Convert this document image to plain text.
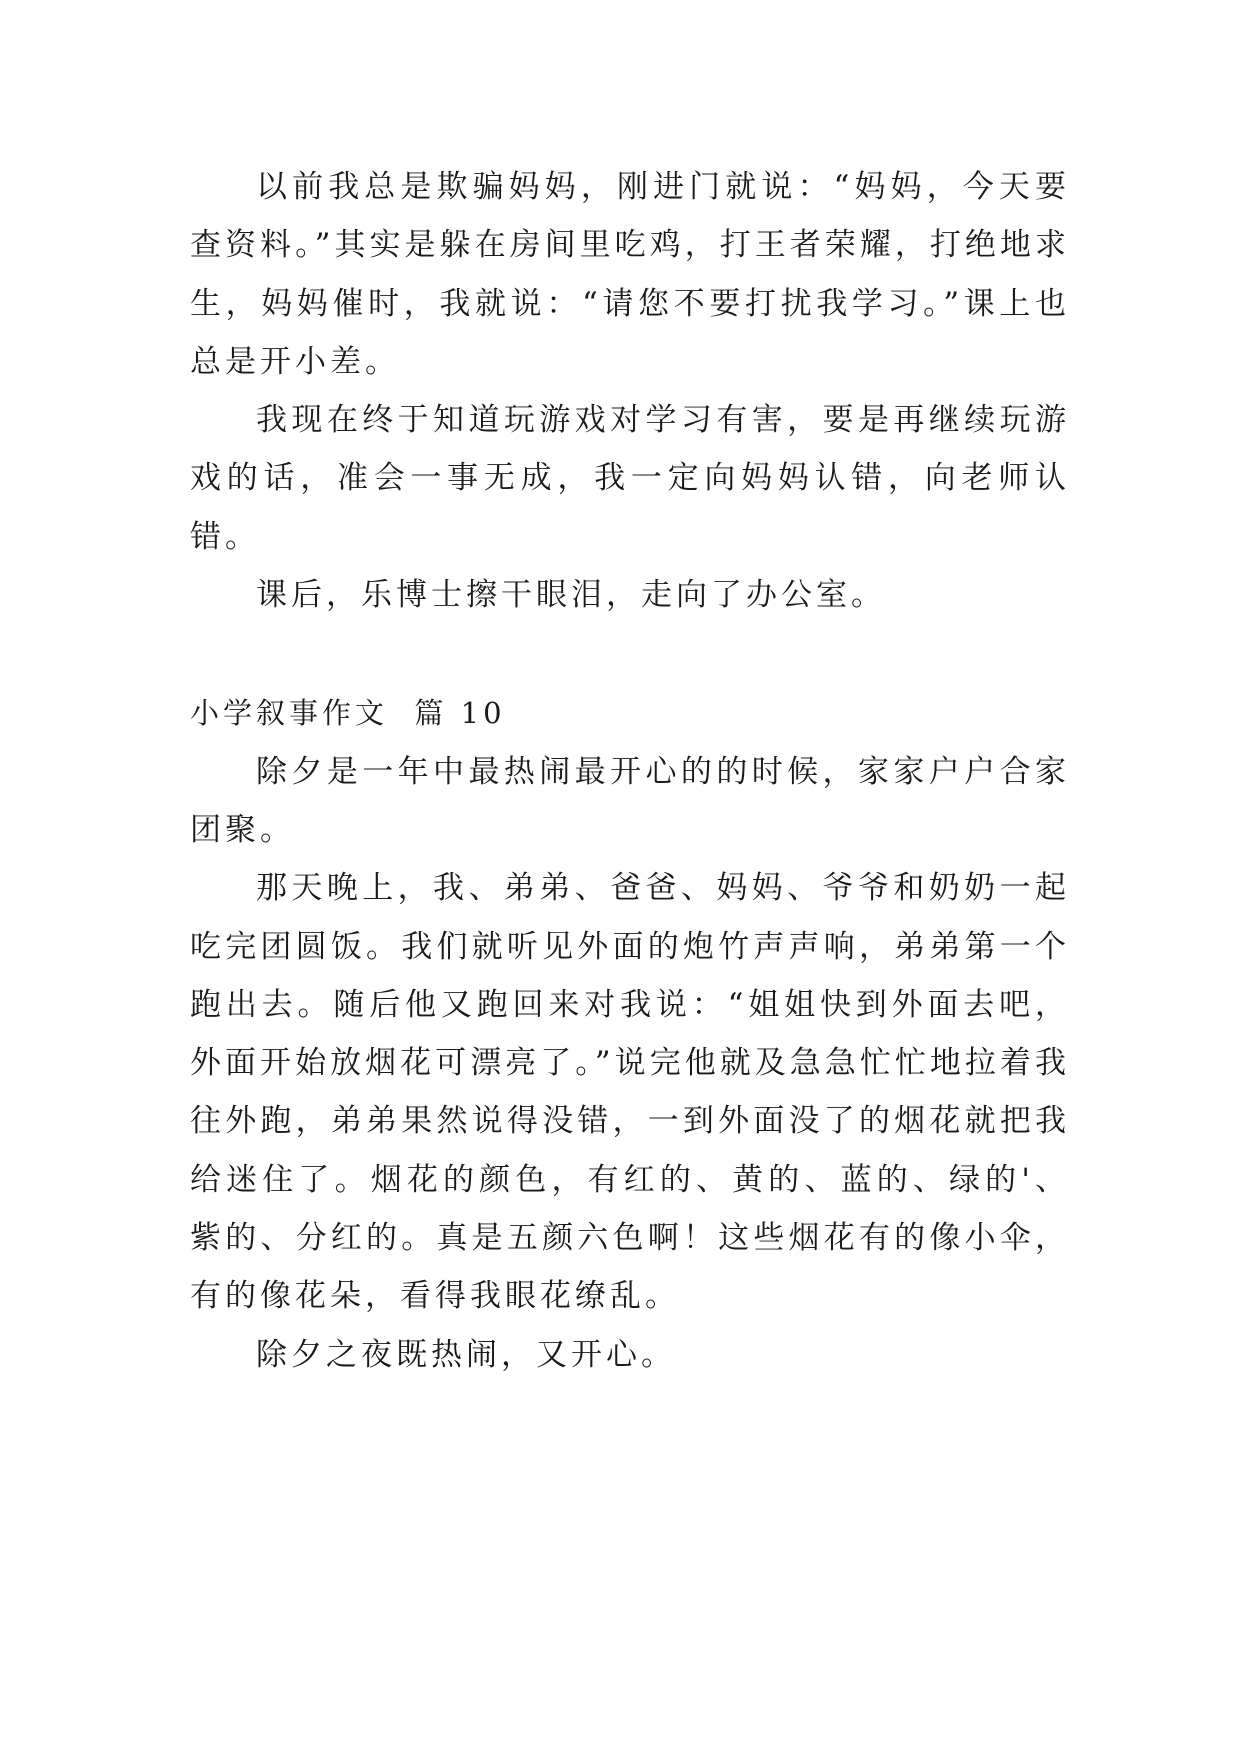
以前我总是欺骗妈妈，刚进门就说：“妈妈，今天要查资料。”其实是躲在房间里吃鸡，打王者荣耀，打绝地求生，妈妈催时，我就说：“请您不要打扰我学习。”课上也总是开小差。

我现在终于知道玩游戏对学习有害，要是再继续玩游戏的话，准会一事无成，我一定向妈妈认错，向老师认错。

课后，乐博士擦干眼泪，走向了办公室。

小学叙事作文  篇 10

除夕是一年中最热闹最开心的的时候，家家户户合家团聚。

那天晚上，我、弟弟、爸爸、妈妈、爷爷和奶奶一起吃完团圆饭。我们就听见外面的炮竹声声响，弟弟第一个跑出去。随后他又跑回来对我说：“姐姐快到外面去吧，外面开始放烟花可漂亮了。”说完他就及急急忙忙地拉着我往外跑，弟弟果然说得没错，一到外面没了的烟花就把我给迷住了。烟花的颜色，有红的、黄的、蓝的、绿的'、紫的、分红的。真是五颜六色啊！这些烟花有的像小伞，有的像花朵，看得我眼花缭乱。

除夕之夜既热闹，又开心。
